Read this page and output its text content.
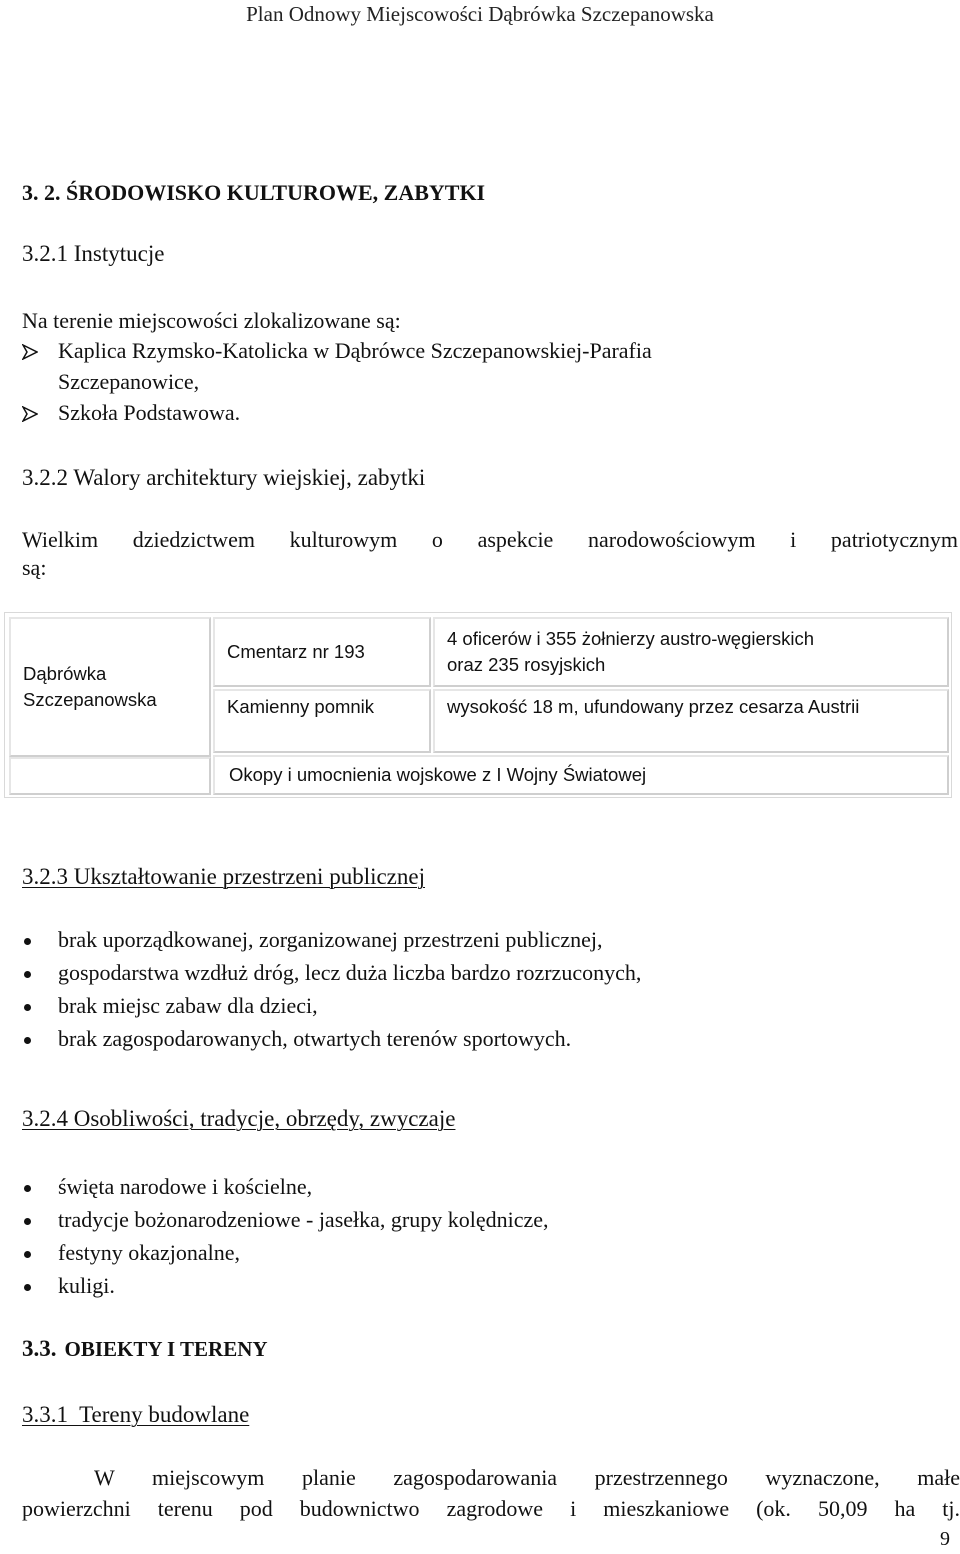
Plan Odnowy Miejscowości Dąbrówka Szczepanowska
3. 2. ŚRODOWISKO KULTUROWE, ZABYTKI
3.2.1 Instytucje
Na terenie miejscowości zlokalizowane są:
Kaplica Rzymsko-Katolicka w Dąbrówce Szczepanowskiej-Parafia
Szczepanowice,
Szkoła Podstawowa.
3.2.2 Walory architektury wiejskiej, zabytki
Wielkim dziedzictwem kulturowym o aspekcie narodowościowym i patriotycznym
są:
Dąbrówka
Szczepanowska
Cmentarz nr 193
4 oficerów i 355 żołnierzy austro-węgierskich
oraz 235 rosyjskich
Kamienny pomnik	wysokość 18 m, ufundowany przez cesarza Austrii
Okopy i umocnienia wojskowe z I Wojny Światowej
3.2.3 Ukształtowanie przestrzeni publicznej
brak uporządkowanej, zorganizowanej przestrzeni publicznej,
gospodarstwa wzdłuż dróg, lecz duża liczba bardzo rozrzuconych,
brak miejsc zabaw dla dzieci,
brak zagospodarowanych, otwartych terenów sportowych.
3.2.4 Osobliwości, tradycje, obrzędy, zwyczaje
święta narodowe i kościelne,
tradycje bożonarodzeniowe - jasełka, grupy kolędnicze,
festyny okazjonalne,
kuligi.
3.3. OBIEKTY I TERENY
3.3.1  Tereny budowlane
W miejscowym planie zagospodarowania przestrzennego wyznaczone, małe
powierzchni terenu pod budownictwo zagrodowe i mieszkaniowe (ok. 50,09 ha tj.
9
